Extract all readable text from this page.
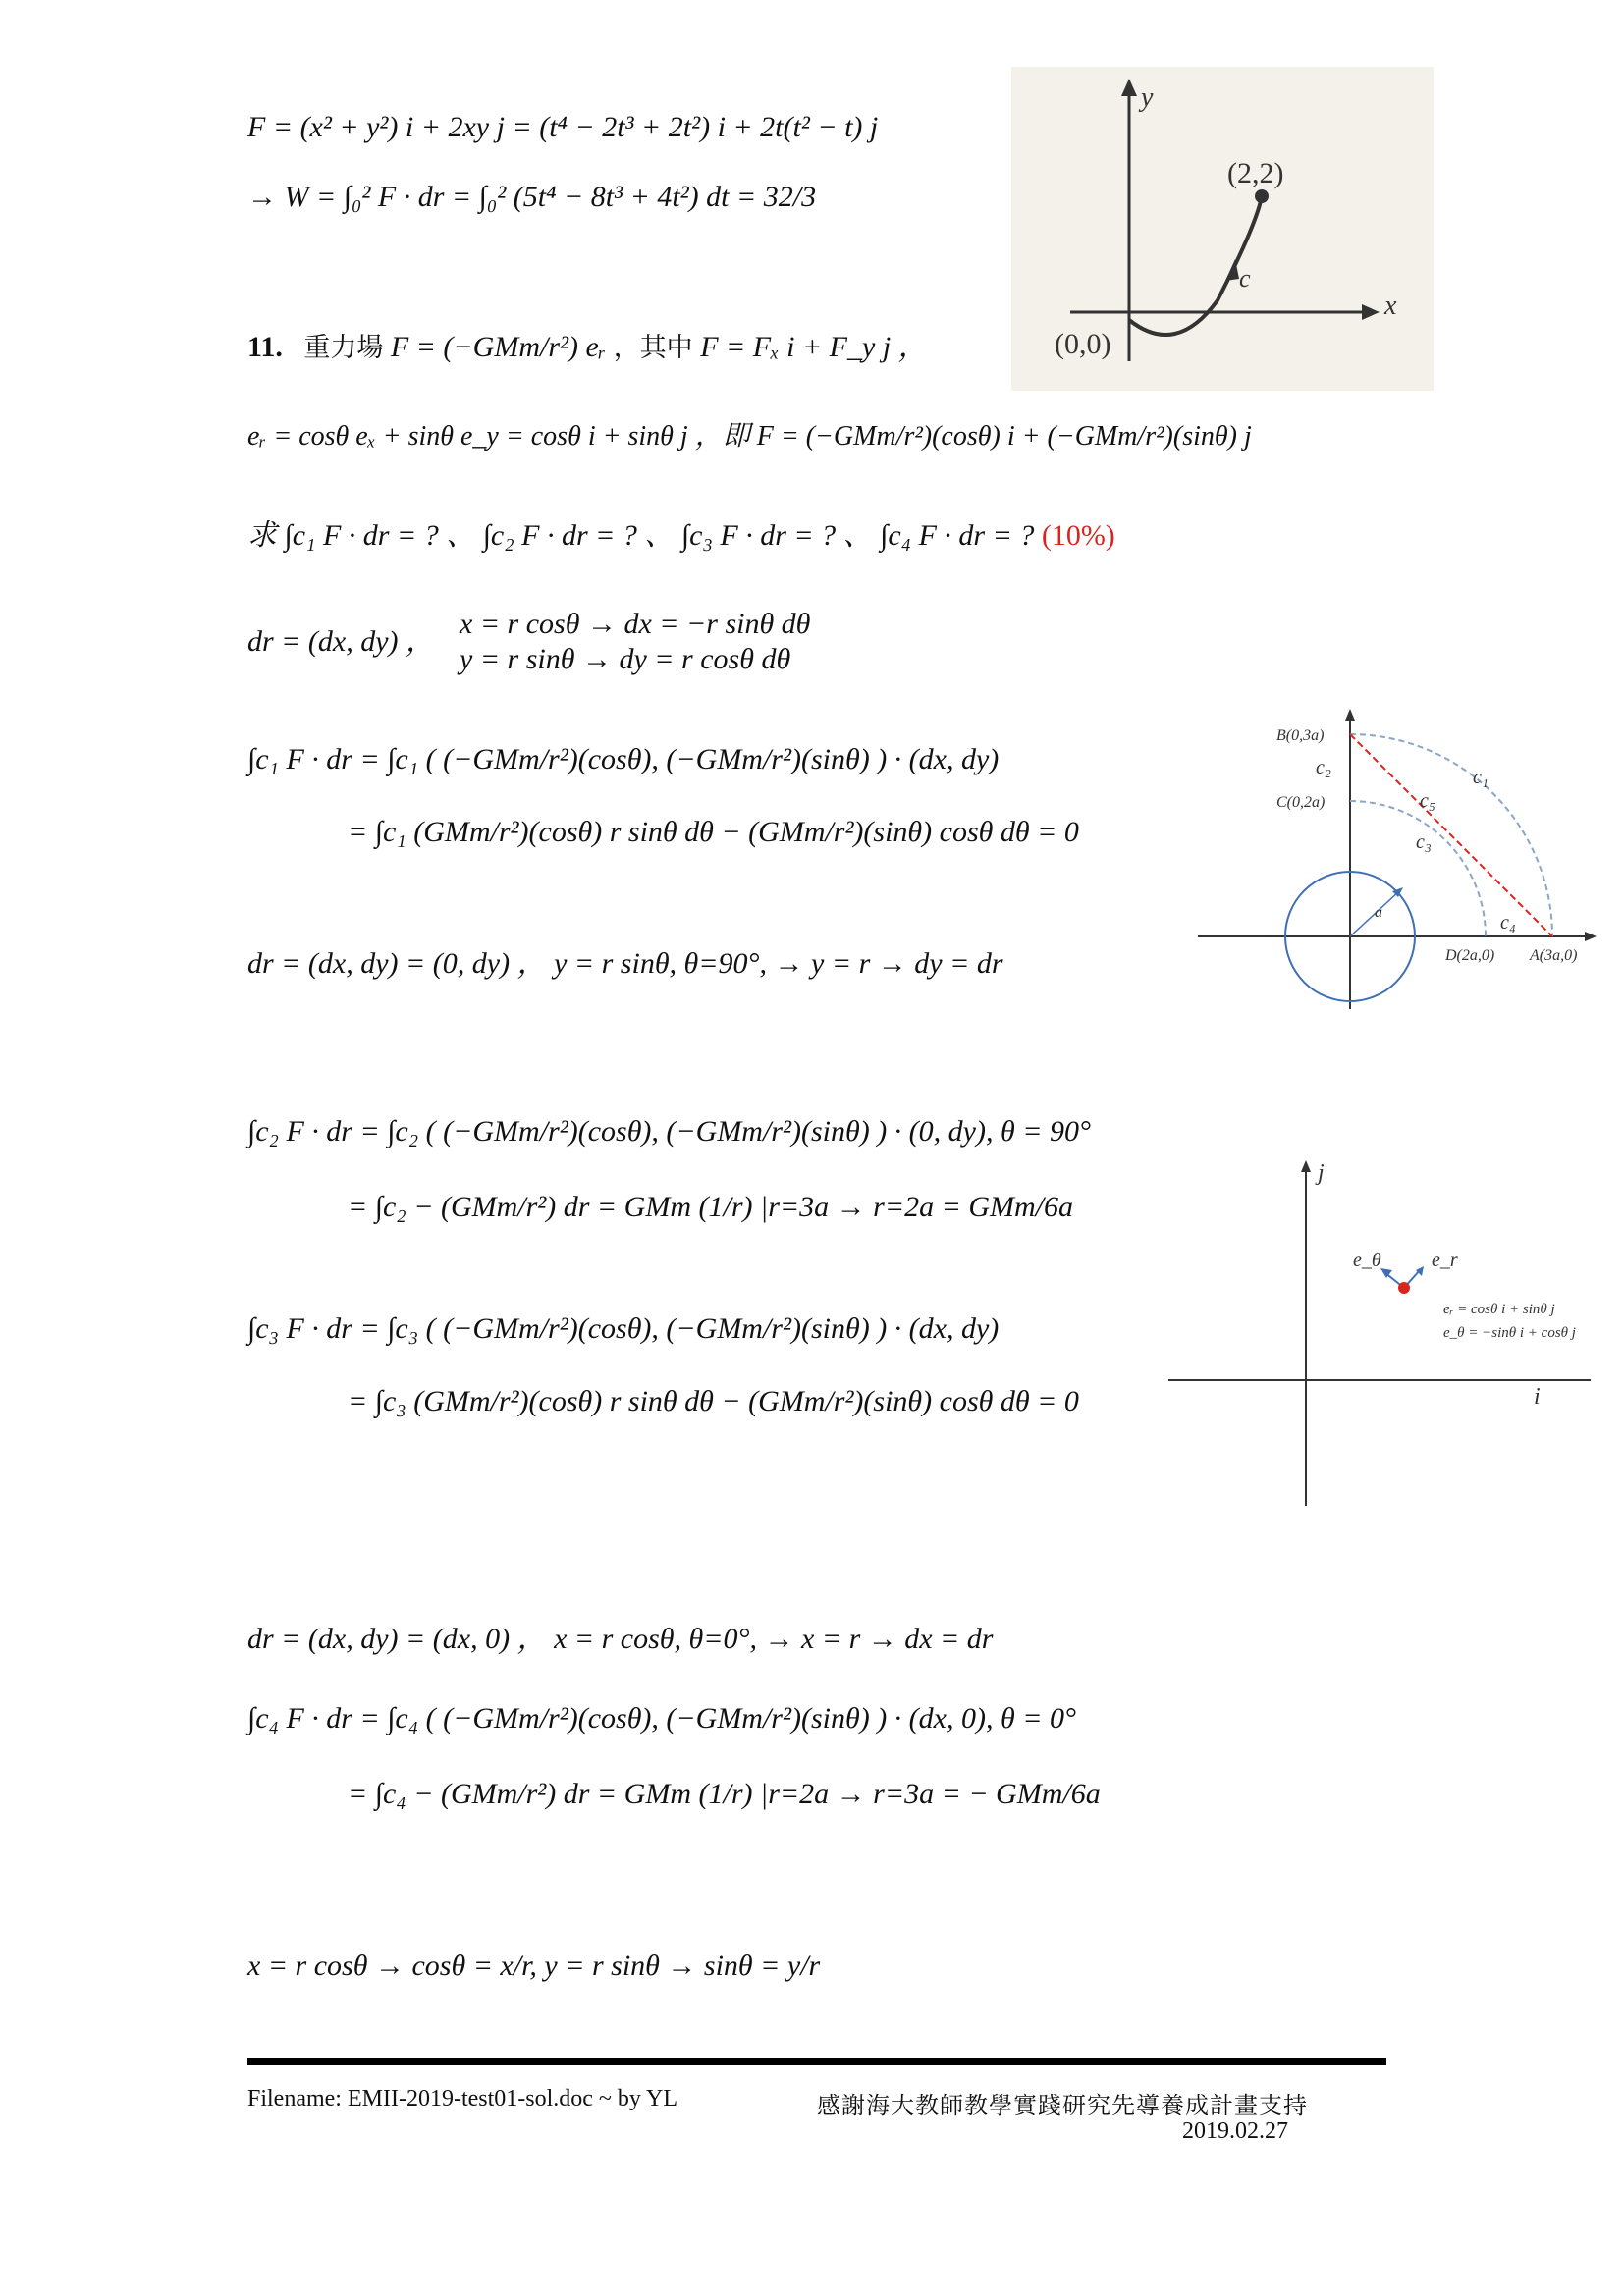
F = (x² + y²) i + 2xy j = (t⁴ − 2t³ + 2t²) i + 2t(t² − t) j
→ W = ∫₀² F · dr = ∫₀² (5t⁴ − 8t³ + 4t²) dt = 32/3
11. 重力場 F = (−GMm/r²) eᵣ ，其中 F = Fₓ i + F_y j ，
eᵣ = cosθ eₓ + sinθ e_y = cosθ i + sinθ j ，即 F = (−GMm/r²)(cosθ) i + (−GMm/r²)(sinθ) j
求 ∫c₁ F · dr = ? 、 ∫c₂ F · dr = ? 、 ∫c₃ F · dr = ? 、 ∫c₄ F · dr = ? (10%)
dr = (dx, dy) ，
x = r cosθ → dx = −r sinθ dθ
y = r sinθ → dy = r cosθ dθ
∫c₁ F · dr = ∫c₁ ( (−GMm/r²)(cosθ), (−GMm/r²)(sinθ) ) · (dx, dy)
= ∫c₁ (GMm/r²)(cosθ) r sinθ dθ − (GMm/r²)(sinθ) cosθ dθ = 0
dr = (dx, dy) = (0, dy) ， y = r sinθ, θ=90°, → y = r → dy = dr
∫c₂ F · dr = ∫c₂ ( (−GMm/r²)(cosθ), (−GMm/r²)(sinθ) ) · (0, dy), θ = 90°
= ∫c₂ − (GMm/r²) dr = GMm (1/r) |r=3a → r=2a = GMm/6a
∫c₃ F · dr = ∫c₃ ( (−GMm/r²)(cosθ), (−GMm/r²)(sinθ) ) · (dx, dy)
= ∫c₃ (GMm/r²)(cosθ) r sinθ dθ − (GMm/r²)(sinθ) cosθ dθ = 0
dr = (dx, dy) = (dx, 0) ， x = r cosθ, θ=0°, → x = r → dx = dr
∫c₄ F · dr = ∫c₄ ( (−GMm/r²)(cosθ), (−GMm/r²)(sinθ) ) · (dx, 0), θ = 0°
= ∫c₄ − (GMm/r²) dr = GMm (1/r) |r=2a → r=3a = − GMm/6a
x = r cosθ → cosθ = x/r, y = r sinθ → sinθ = y/r
y
x
(2,2)
(0,0)
c
B(0,3a)
C(0,2a)
D(2a,0) A(3a,0)
c₁
c₄
c₂
c₃
c₅
a
j
i
e_θ	e_r
eᵣ = cosθ i + sinθ j
e_θ = −sinθ i + cosθ j
Filename: EMII-2019-test01-sol.doc ~ by YL	感謝海大教師教學實踐研究先導養成計畫支持
2019.02.27
